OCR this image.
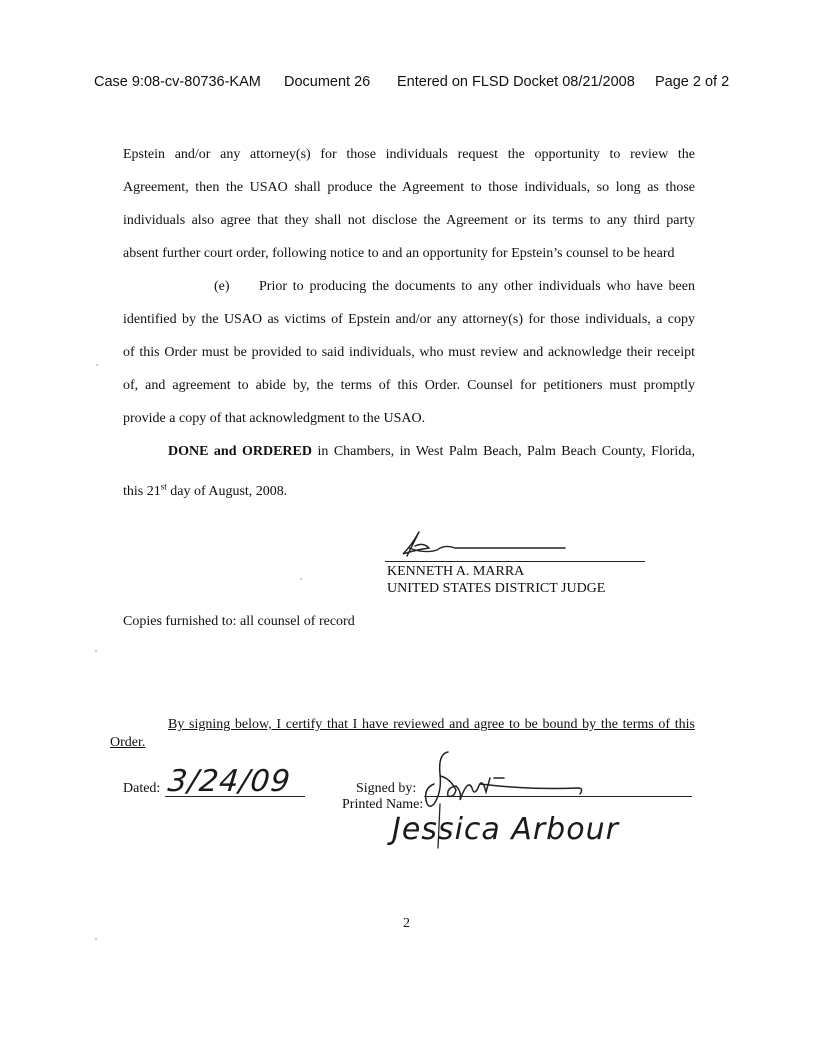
Case 9:08-cv-80736-KAM Document 26 Entered on FLSD Docket 08/21/2008 Page 2 of 2
Epstein and/or any attorney(s) for those individuals request the opportunity to review the
Agreement, then the USAO shall produce the Agreement to those individuals, so long as those
individuals also agree that they shall not disclose the Agreement or its terms to any third party
absent further court order, following notice to and an opportunity for Epstein’s counsel to be heard
(e) Prior to producing the documents to any other individuals who have been
identified by the USAO as victims of Epstein and/or any attorney(s) for those individuals, a copy
of this Order must be provided to said individuals, who must review and acknowledge their receipt
of, and agreement to abide by, the terms of this Order. Counsel for petitioners must promptly
provide a copy of that acknowledgment to the USAO.
DONE and ORDERED in Chambers, in West Palm Beach, Palm Beach County, Florida,
this 21st day of August, 2008.
KENNETH A. MARRA
UNITED STATES DISTRICT JUDGE
Copies furnished to: all counsel of record
By signing below, I certify that I have reviewed and agree to be bound by the terms of this
Order.
Dated: 3/24/09	Signed by:
Printed Name:
Jessica Arbour
2
